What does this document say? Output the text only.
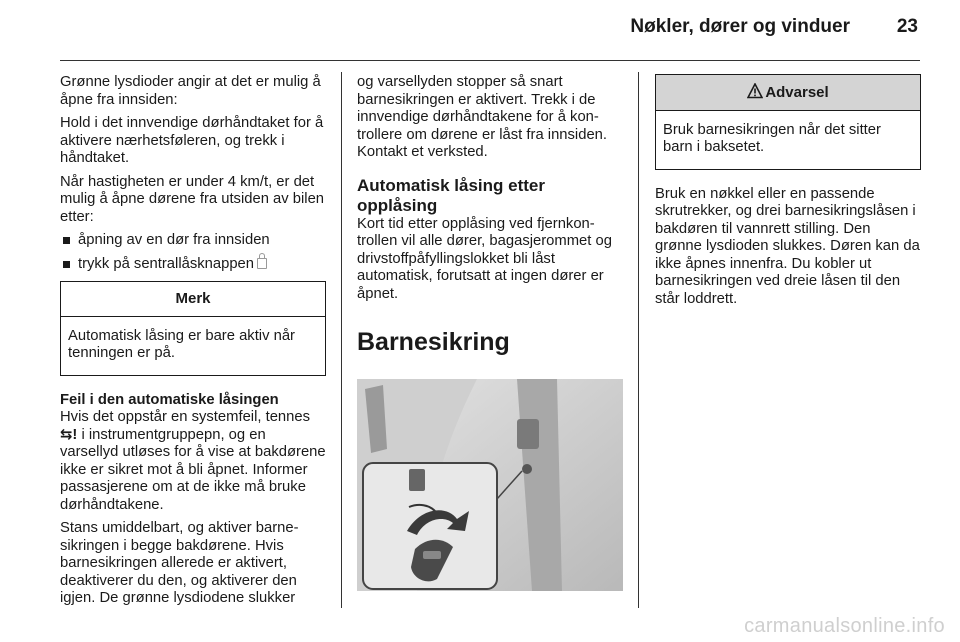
Nøkler, dører og vinduer	23

Grønne lysdioder angir at det er mulig å åpne fra innsiden:

Hold i det innvendige dørhåndtaket for å aktivere nærhetsføleren, og trekk i håndtaket.

Når hastigheten er under 4 km/t, er det mulig å åpne dørene fra utsiden av bilen etter:

åpning av en dør fra innsiden
trykk på sentrallåsknappen
Merk
Automatisk låsing er bare aktiv når tenningen er på.
Feil i den automatiske låsingen

Hvis det oppstår en systemfeil, tennes ⇆! i instrumentgruppepn, og en varsellyd utløses for å vise at bakdørene ikke er sikret mot å bli åpnet. Informer passasjerene om at de ikke må bruke dørhåndtakene.

Stans umiddelbart, og aktiver barnesikringen i begge bakdørene. Hvis barnesikringen allerede er aktivert, deaktiverer du den, og aktiverer den igjen. De grønne lysdiodene slukker

og varsellyden stopper så snart barnesikringen er aktivert. Trekk i de innvendige dørhåndtakene for å kontrollere om dørene er låst fra innsiden. Kontakt et verksted.

Automatisk låsing etter opplåsing

Kort tid etter opplåsing ved fjernkontrollen vil alle dører, bagasjerommet og drivstoffpåfyllingslokket bli låst automatisk, forutsatt at ingen dører er åpnet.

Barnesikring
Advarsel
Bruk barnesikringen når det sitter barn i baksetet.

Bruk en nøkkel eller en passende skrutrekker, og drei barnesikringslåsen i bakdøren til vannrett stilling. Den grønne lysdioden slukkes. Døren kan da ikke åpnes innenfra. Du kobler ut barnesikringen ved dreie låsen til den står loddrett.

carmanualsonline.info
